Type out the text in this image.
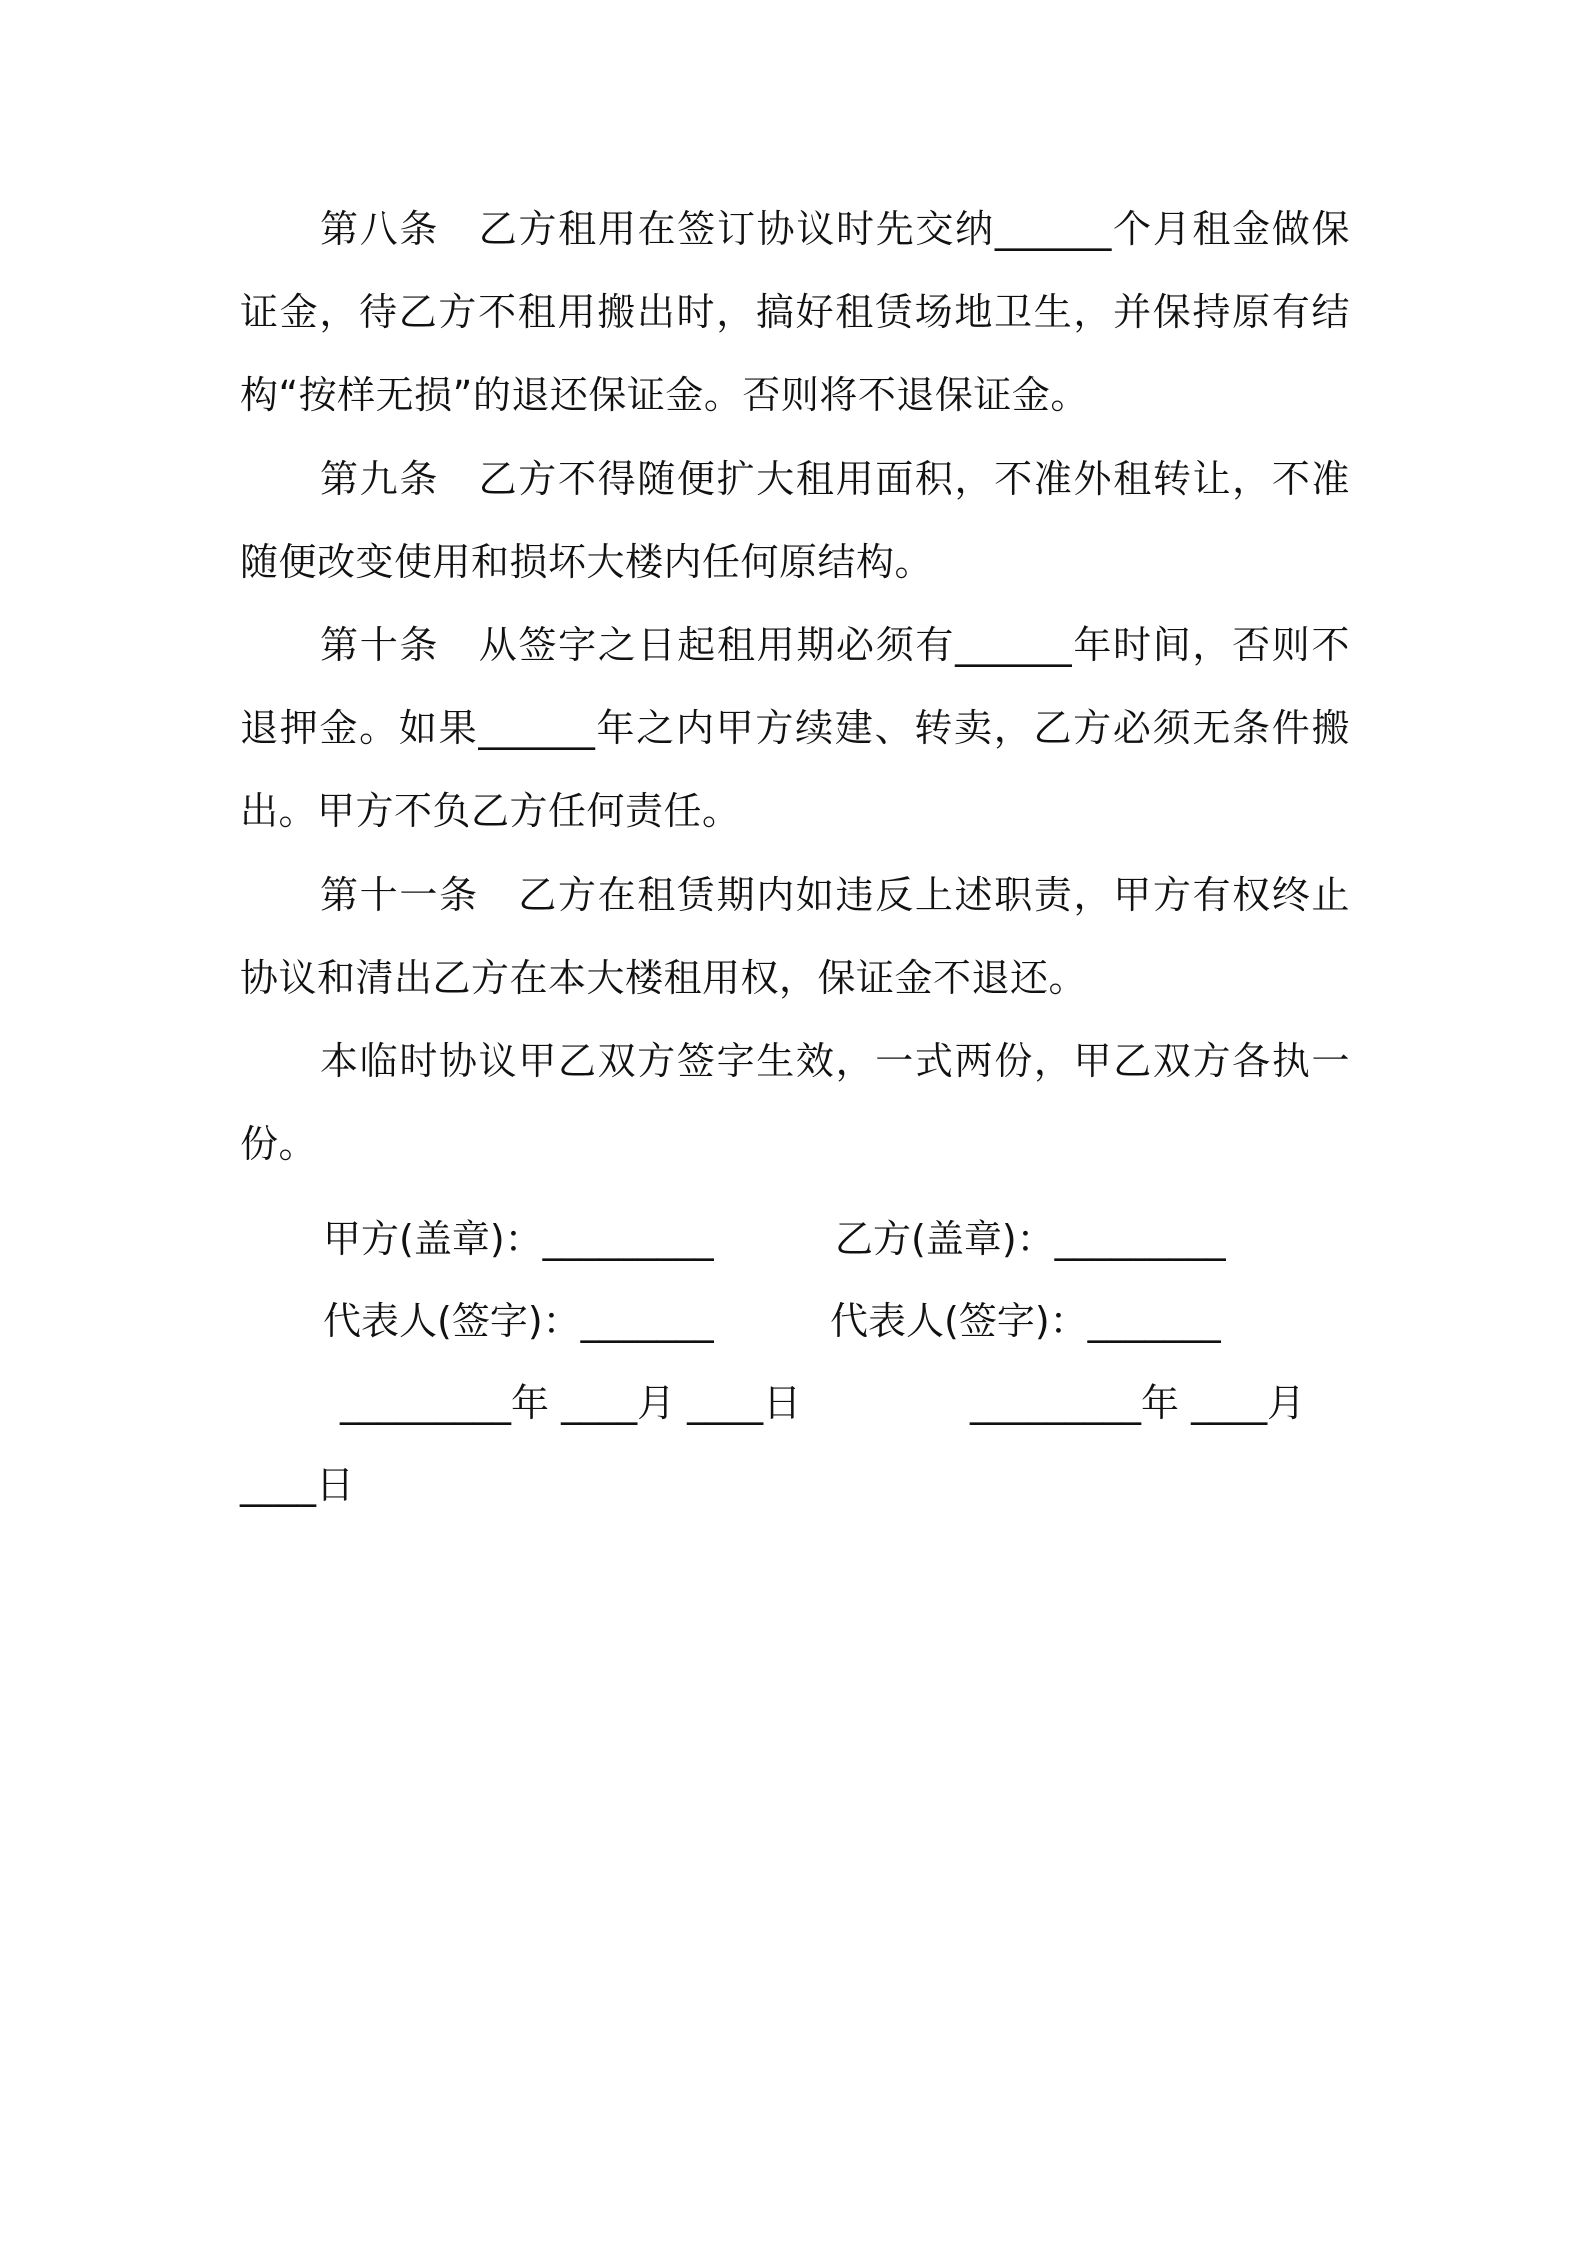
第八条　乙方租用在签订协议时先交纳______个月租金做保证金，待乙方不租用搬出时，搞好租赁场地卫生，并保持原有结构“按样无损”的退还保证金。否则将不退保证金。

第九条　乙方不得随便扩大租用面积，不准外租转让，不准随便改变使用和损坏大楼内任何原结构。

第十条　从签字之日起租用期必须有______年时间，否则不退押金。如果______年之内甲方续建、转卖，乙方必须无条件搬出。甲方不负乙方任何责任。

第十一条　乙方在租赁期内如违反上述职责，甲方有权终止协议和清出乙方在本大楼租用权，保证金不退还。

本临时协议甲乙双方签字生效，一式两份，甲乙双方各执一份。

甲方(盖章)：_________	乙方(盖章)：_________

代表人(签字)：_______	代表人(签字)：_______

_________年 ____月 ____日	_________年 ____月

____日
